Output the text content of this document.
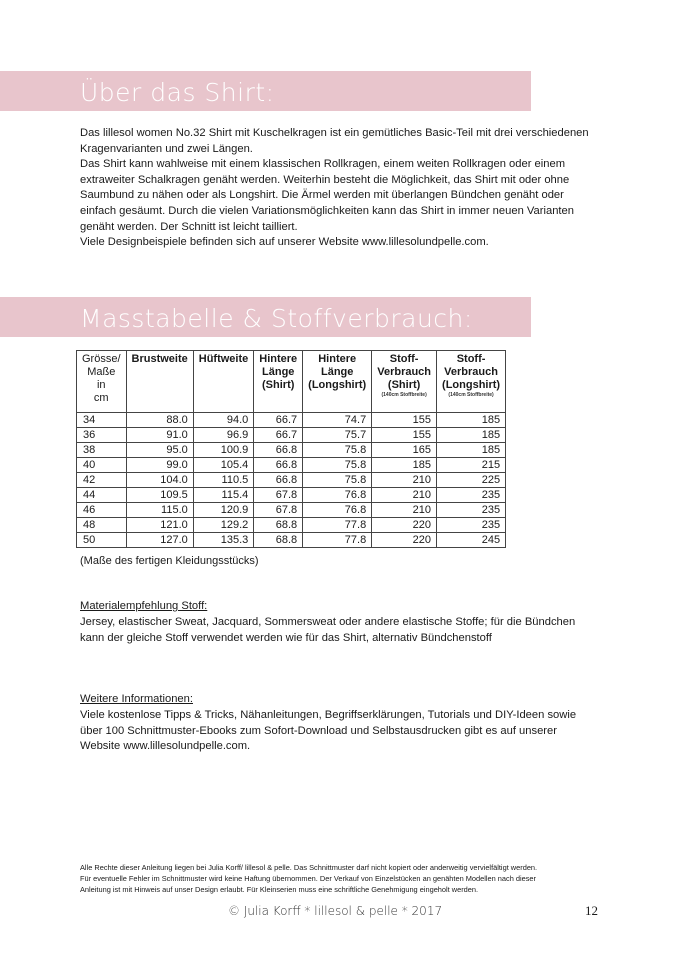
Über das Shirt:

Das lillesol women No.32 Shirt mit Kuschelkragen ist ein gemütliches Basic-Teil mit drei verschiedenen

Kragenvarianten und zwei Längen.

Das Shirt kann wahlweise mit einem klassischen Rollkragen, einem weiten Rollkragen oder einem

extraweiter Schalkragen genäht werden. Weiterhin besteht die Möglichkeit, das Shirt mit oder ohne

Saumbund zu nähen oder als Longshirt. Die Ärmel werden mit überlangen Bündchen genäht oder

einfach gesäumt. Durch die vielen Variationsmöglichkeiten kann das Shirt in immer neuen Varianten

genäht werden. Der Schnitt ist leicht tailliert.

Viele Designbeispiele befinden sich auf unserer Website www.lillesolundpelle.com.

Masstabelle & Stoffverbrauch:
Grösse/
Maße in
cm	Brustweite	Hüftweite	Hintere
Länge
(Shirt)	Hintere
Länge
(Longshirt)	Stoff-
Verbrauch
(Shirt)
(140cm Stoffbreite)	Stoff-
Verbrauch
(Longshirt)
(140cm Stoffbreite)

34	88.0	94.0	66.7	74.7	155	185
36	91.0	96.9	66.7	75.7	155	185
38	95.0	100.9	66.8	75.8	165	185
40	99.0	105.4	66.8	75.8	185	215
42	104.0	110.5	66.8	75.8	210	225
44	109.5	115.4	67.8	76.8	210	235
46	115.0	120.9	67.8	76.8	210	235
48	121.0	129.2	68.8	77.8	220	235
50	127.0	135.3	68.8	77.8	220	245
(Maße des fertigen Kleidungsstücks)
Materialempfehlung Stoff:

Jersey, elastischer Sweat, Jacquard, Sommersweat oder andere elastische Stoffe; für die Bündchen

kann der gleiche Stoff verwendet werden wie für das Shirt, alternativ Bündchenstoff

Weitere Informationen:

Viele kostenlose Tipps & Tricks, Nähanleitungen, Begriffserklärungen, Tutorials und DIY-Ideen sowie

über 100 Schnittmuster-Ebooks zum Sofort-Download und Selbstausdrucken gibt es auf unserer

Website www.lillesolundpelle.com.

Alle Rechte dieser Anleitung liegen bei Julia Korff/ lillesol & pelle. Das Schnittmuster darf nicht kopiert oder anderweitig vervielfältigt werden.
Für eventuelle Fehler im Schnittmuster wird keine Haftung übernommen. Der Verkauf von Einzelstücken an genähten Modellen nach dieser
Anleitung ist mit Hinweis auf unser Design erlaubt. Für Kleinserien muss eine schriftliche Genehmigung eingeholt werden.
© Julia Korff * lillesol & pelle * 2017	12
